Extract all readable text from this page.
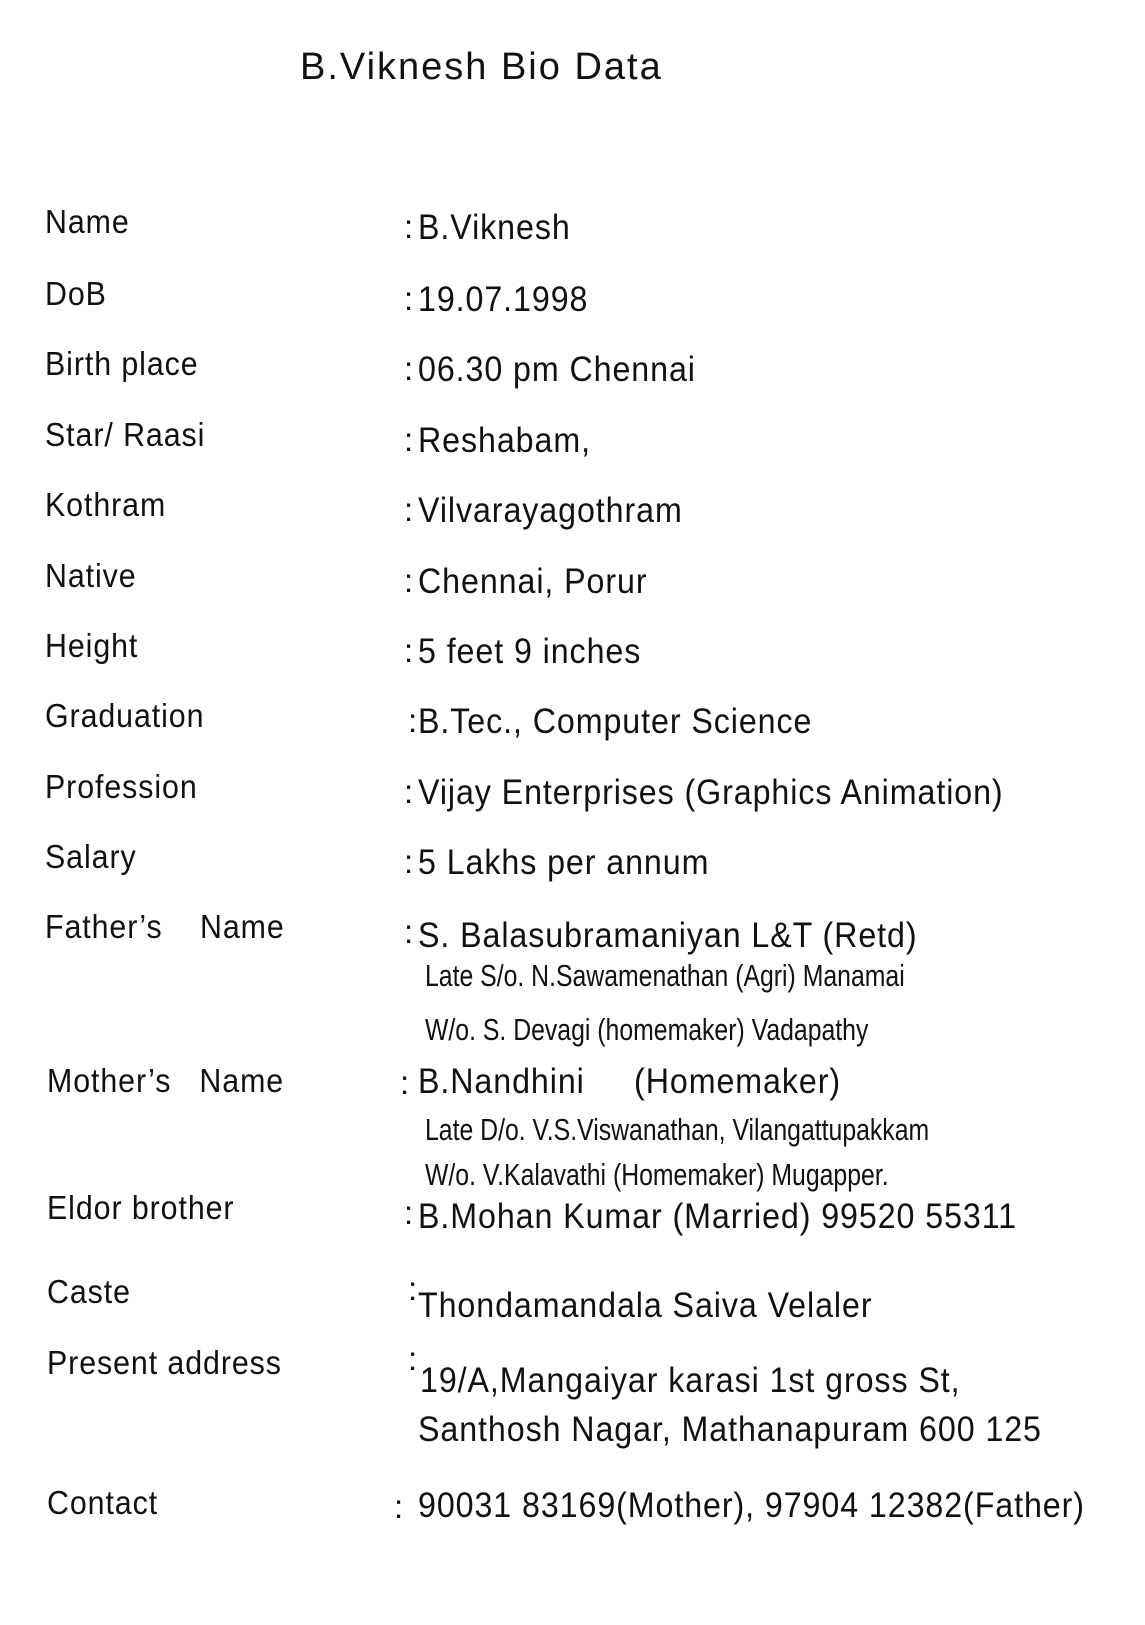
B.Viknesh Bio Data
Name	: B.Viknesh
DoB	: 19.07.1998
Birth place	: 06.30 pm Chennai
Star/ Raasi	: Reshabam,
Kothram	: Vilvarayagothram
Native	: Chennai, Porur
Height	: 5 feet 9 inches
Graduation	: B.Tec., Computer Science
Profession	: Vijay Enterprises (Graphics Animation)
Salary	: 5 Lakhs per annum
Father’s    Name	: S. Balasubramaniyan L&T (Retd)
Late S/o. N.Sawamenathan (Agri) Manamai
W/o. S. Devagi (homemaker) Vadapathy
Mother’s   Name	: B.Nandhini     (Homemaker)
Late D/o. V.S.Viswanathan, Vilangattupakkam
W/o. V.Kalavathi (Homemaker) Mugapper.
Eldor brother	: B.Mohan Kumar (Married) 99520 55311
Caste	: Thondamandala Saiva Velaler
Present address	:
19/A,Mangaiyar karasi 1st gross St,
Santhosh Nagar, Mathanapuram 600 125
Contact	: 90031 83169(Mother), 97904 12382(Father)
